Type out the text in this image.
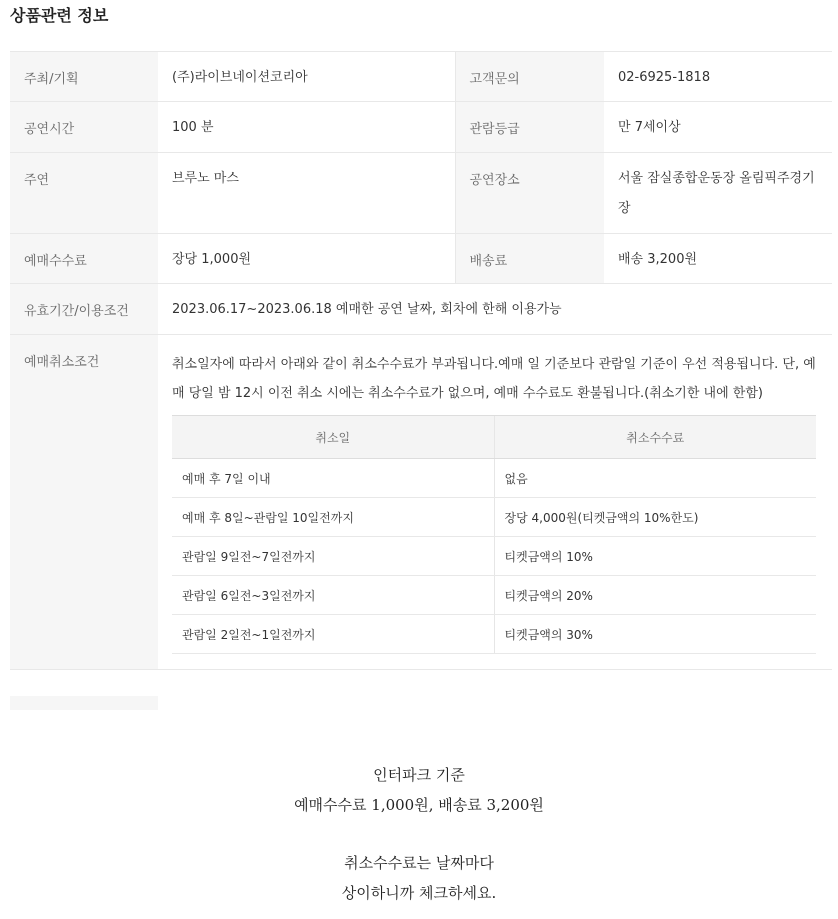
상품관련 정보
주최/기획	(주)라이브네이션코리아	고객문의	02-6925-1818
공연시간	100 분	관람등급	만 7세이상
주연	브루노 마스	공연장소	서울 잠실종합운동장 올림픽주경기장
예매수수료	장당 1,000원	배송료	배송 3,200원
유효기간/이용조건	2023.06.17~2023.06.18 예매한 공연 날짜, 회차에 한해 이용가능
예매취소조건	취소일자에 따라서 아래와 같이 취소수수료가 부과됩니다.예매 일 기준보다 관람일 기준이 우선 적용됩니다. 단, 예매 당일 밤 12시 이전 취소 시에는 취소수수료가 없으며, 예매 수수료도 환불됩니다.(취소기한 내에 한함)
취소일	취소수수료
예매 후 7일 이내	없음
예매 후 8일~관람일 10일전까지	장당 4,000원(티켓금액의 10%한도)
관람일 9일전~7일전까지	티켓금액의 10%
관람일 6일전~3일전까지	티켓금액의 20%
관람일 2일전~1일전까지	티켓금액의 30%
인터파크 기준
예매수수료 1,000원, 배송료 3,200원
취소수수료는 날짜마다
상이하니까 체크하세요.
